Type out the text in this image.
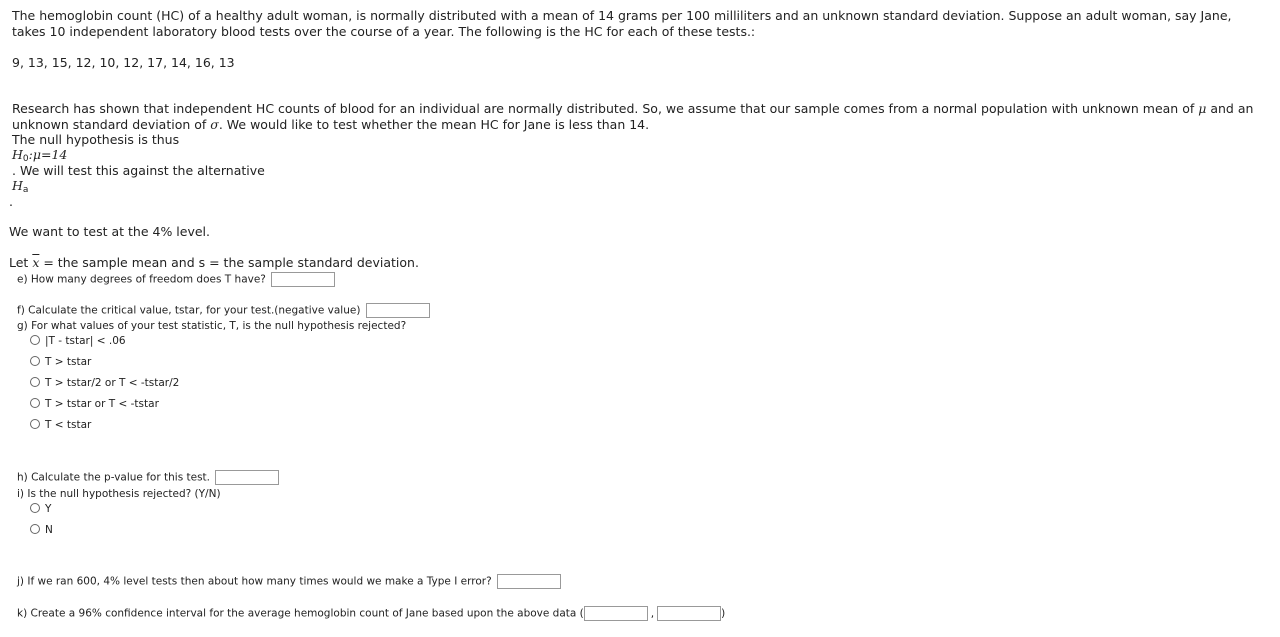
The hemoglobin count (HC) of a healthy adult woman, is normally distributed with a mean of 14 grams per 100 milliliters and an unknown standard deviation. Suppose an adult woman, say Jane, takes 10 independent laboratory blood tests over the course of a year. The following is the HC for each of these tests.:
9, 13, 15, 12, 10, 12, 17, 14, 16, 13
Research has shown that independent HC counts of blood for an individual are normally distributed. So, we assume that our sample comes from a normal population with unknown mean of μ and an unknown standard deviation of σ. We would like to test whether the mean HC for Jane is less than 14.
The null hypothesis is thus
$H_0:\mu=14$
. We will test this against the alternative
$H_a$
.
We want to test at the 4% level.
Let $\overline{x}$ = the sample mean and s = the sample standard deviation.
e) How many degrees of freedom does T have?
f) Calculate the critical value, tstar, for your test.(negative value)
g) For what values of your test statistic, T, is the null hypothesis rejected?
|T - tstar| < .06
T > tstar
T > tstar/2 or T < -tstar/2
T > tstar or T < -tstar
T < tstar
h) Calculate the p-value for this test.
i) Is the null hypothesis rejected? (Y/N)
Y
N
j) If we ran 600, 4% level tests then about how many times would we make a Type I error?
k) Create a 96% confidence interval for the average hemoglobin count of Jane based upon the above data (	,	)
